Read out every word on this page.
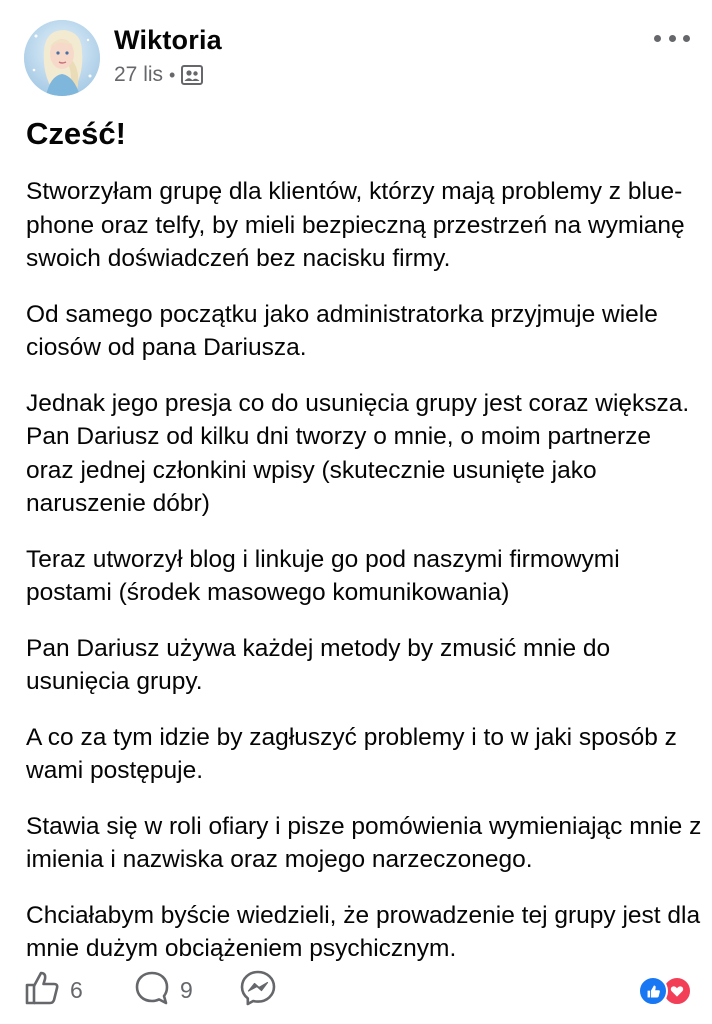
Wiktoria
27 lis •
Cześć!

Stworzyłam grupę dla klientów, którzy mają problemy z blue-phone oraz telfy, by mieli bezpieczną przestrzeń na wymianę swoich doświadczeń bez nacisku firmy.

Od samego początku jako administratorka przyjmuje wiele ciosów od pana Dariusza.

Jednak jego presja co do usunięcia grupy jest coraz większa. Pan Dariusz od kilku dni tworzy o mnie, o moim partnerze oraz jednej członkini wpisy (skutecznie usunięte jako naruszenie dóbr)

Teraz utworzył blog i linkuje go pod naszymi firmowymi postami (środek masowego komunikowania)

Pan Dariusz używa każdej metody by zmusić mnie do usunięcia grupy.

A co za tym idzie by zagłuszyć problemy i to w jaki sposób z wami postępuje.

Stawia się w roli ofiary i pisze pomówienia wymieniając mnie z imienia i nazwiska oraz mojego narzeczonego.

Chciałabym byście wiedzieli, że prowadzenie tej grupy jest dla mnie dużym obciążeniem psychicznym.

6	9
